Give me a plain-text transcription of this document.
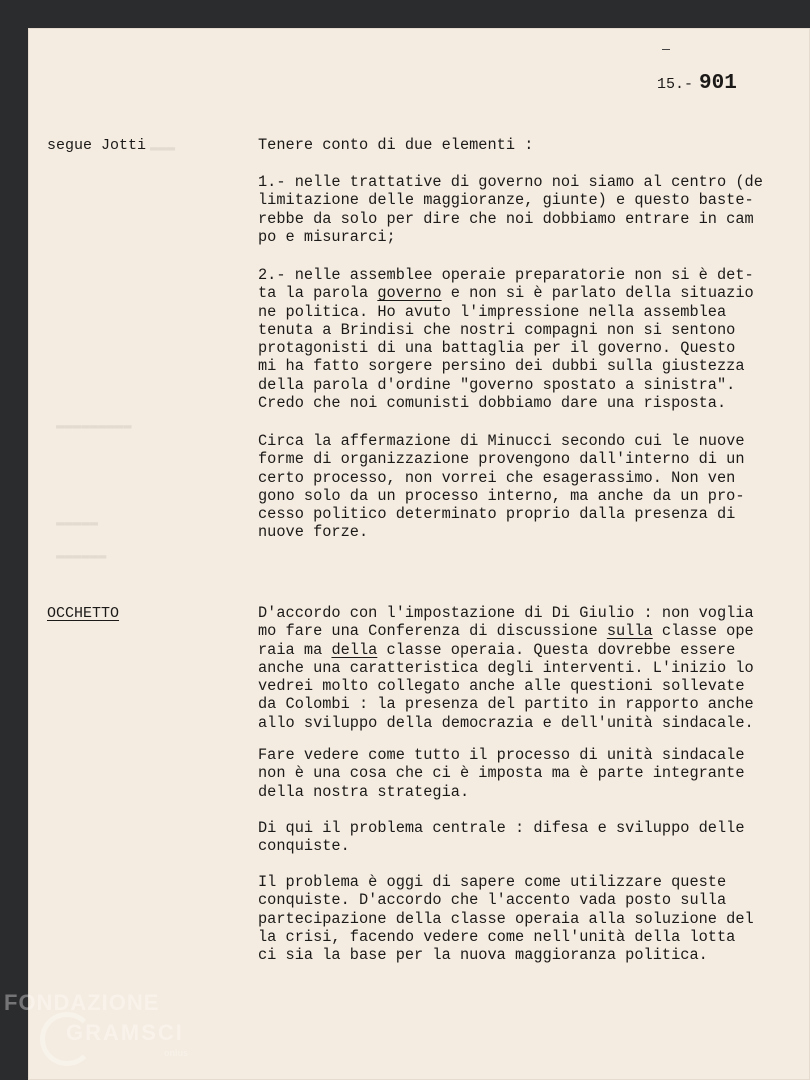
15.- 901
▬▬▬
▬▬▬▬▬▬▬▬▬
▬▬▬▬▬
▬▬▬▬▬▬
segue Jotti
OCCHETTO
Tenere conto di due elementi :
1.- nelle trattative di governo noi siamo al centro (de
limitazione delle maggioranze, giunte) e questo baste-
rebbe da solo per dire che noi dobbiamo entrare in cam
po e misurarci;
2.- nelle assemblee operaie preparatorie non si è det-
ta la parola governo e non si è parlato della situazio
ne politica. Ho avuto l'impressione nella assemblea
tenuta a Brindisi che nostri compagni non si sentono
protagonisti di una battaglia per il governo. Questo
mi ha fatto sorgere persino dei dubbi sulla giustezza
della parola d'ordine "governo spostato a sinistra".
Credo che noi comunisti dobbiamo dare una risposta.
Circa la affermazione di Minucci secondo cui le nuove
forme di organizzazione provengono dall'interno di un
certo processo, non vorrei che esagerassimo. Non ven
gono solo da un processo interno, ma anche da un pro-
cesso politico determinato proprio dalla presenza di
nuove forze.
D'accordo con l'impostazione di Di Giulio : non voglia
mo fare una Conferenza di discussione sulla classe ope
raia ma della classe operaia. Questa dovrebbe essere
anche una caratteristica degli interventi. L'inizio lo
vedrei molto collegato anche alle questioni sollevate
da Colombi : la presenza del partito in rapporto anche
allo sviluppo della democrazia e dell'unità sindacale.
Fare vedere come tutto il processo di unità sindacale
non è una cosa che ci è imposta ma è parte integrante
della nostra strategia.
Di qui il problema centrale : difesa e sviluppo delle
conquiste.
Il problema è oggi di sapere come utilizzare queste
conquiste. D'accordo che l'accento vada posto sulla
partecipazione della classe operaia alla soluzione del
la crisi, facendo vedere come nell'unità della lotta
ci sia la base per la nuova maggioranza politica.
FONDAZIONE
GRAMSCI
onlus
